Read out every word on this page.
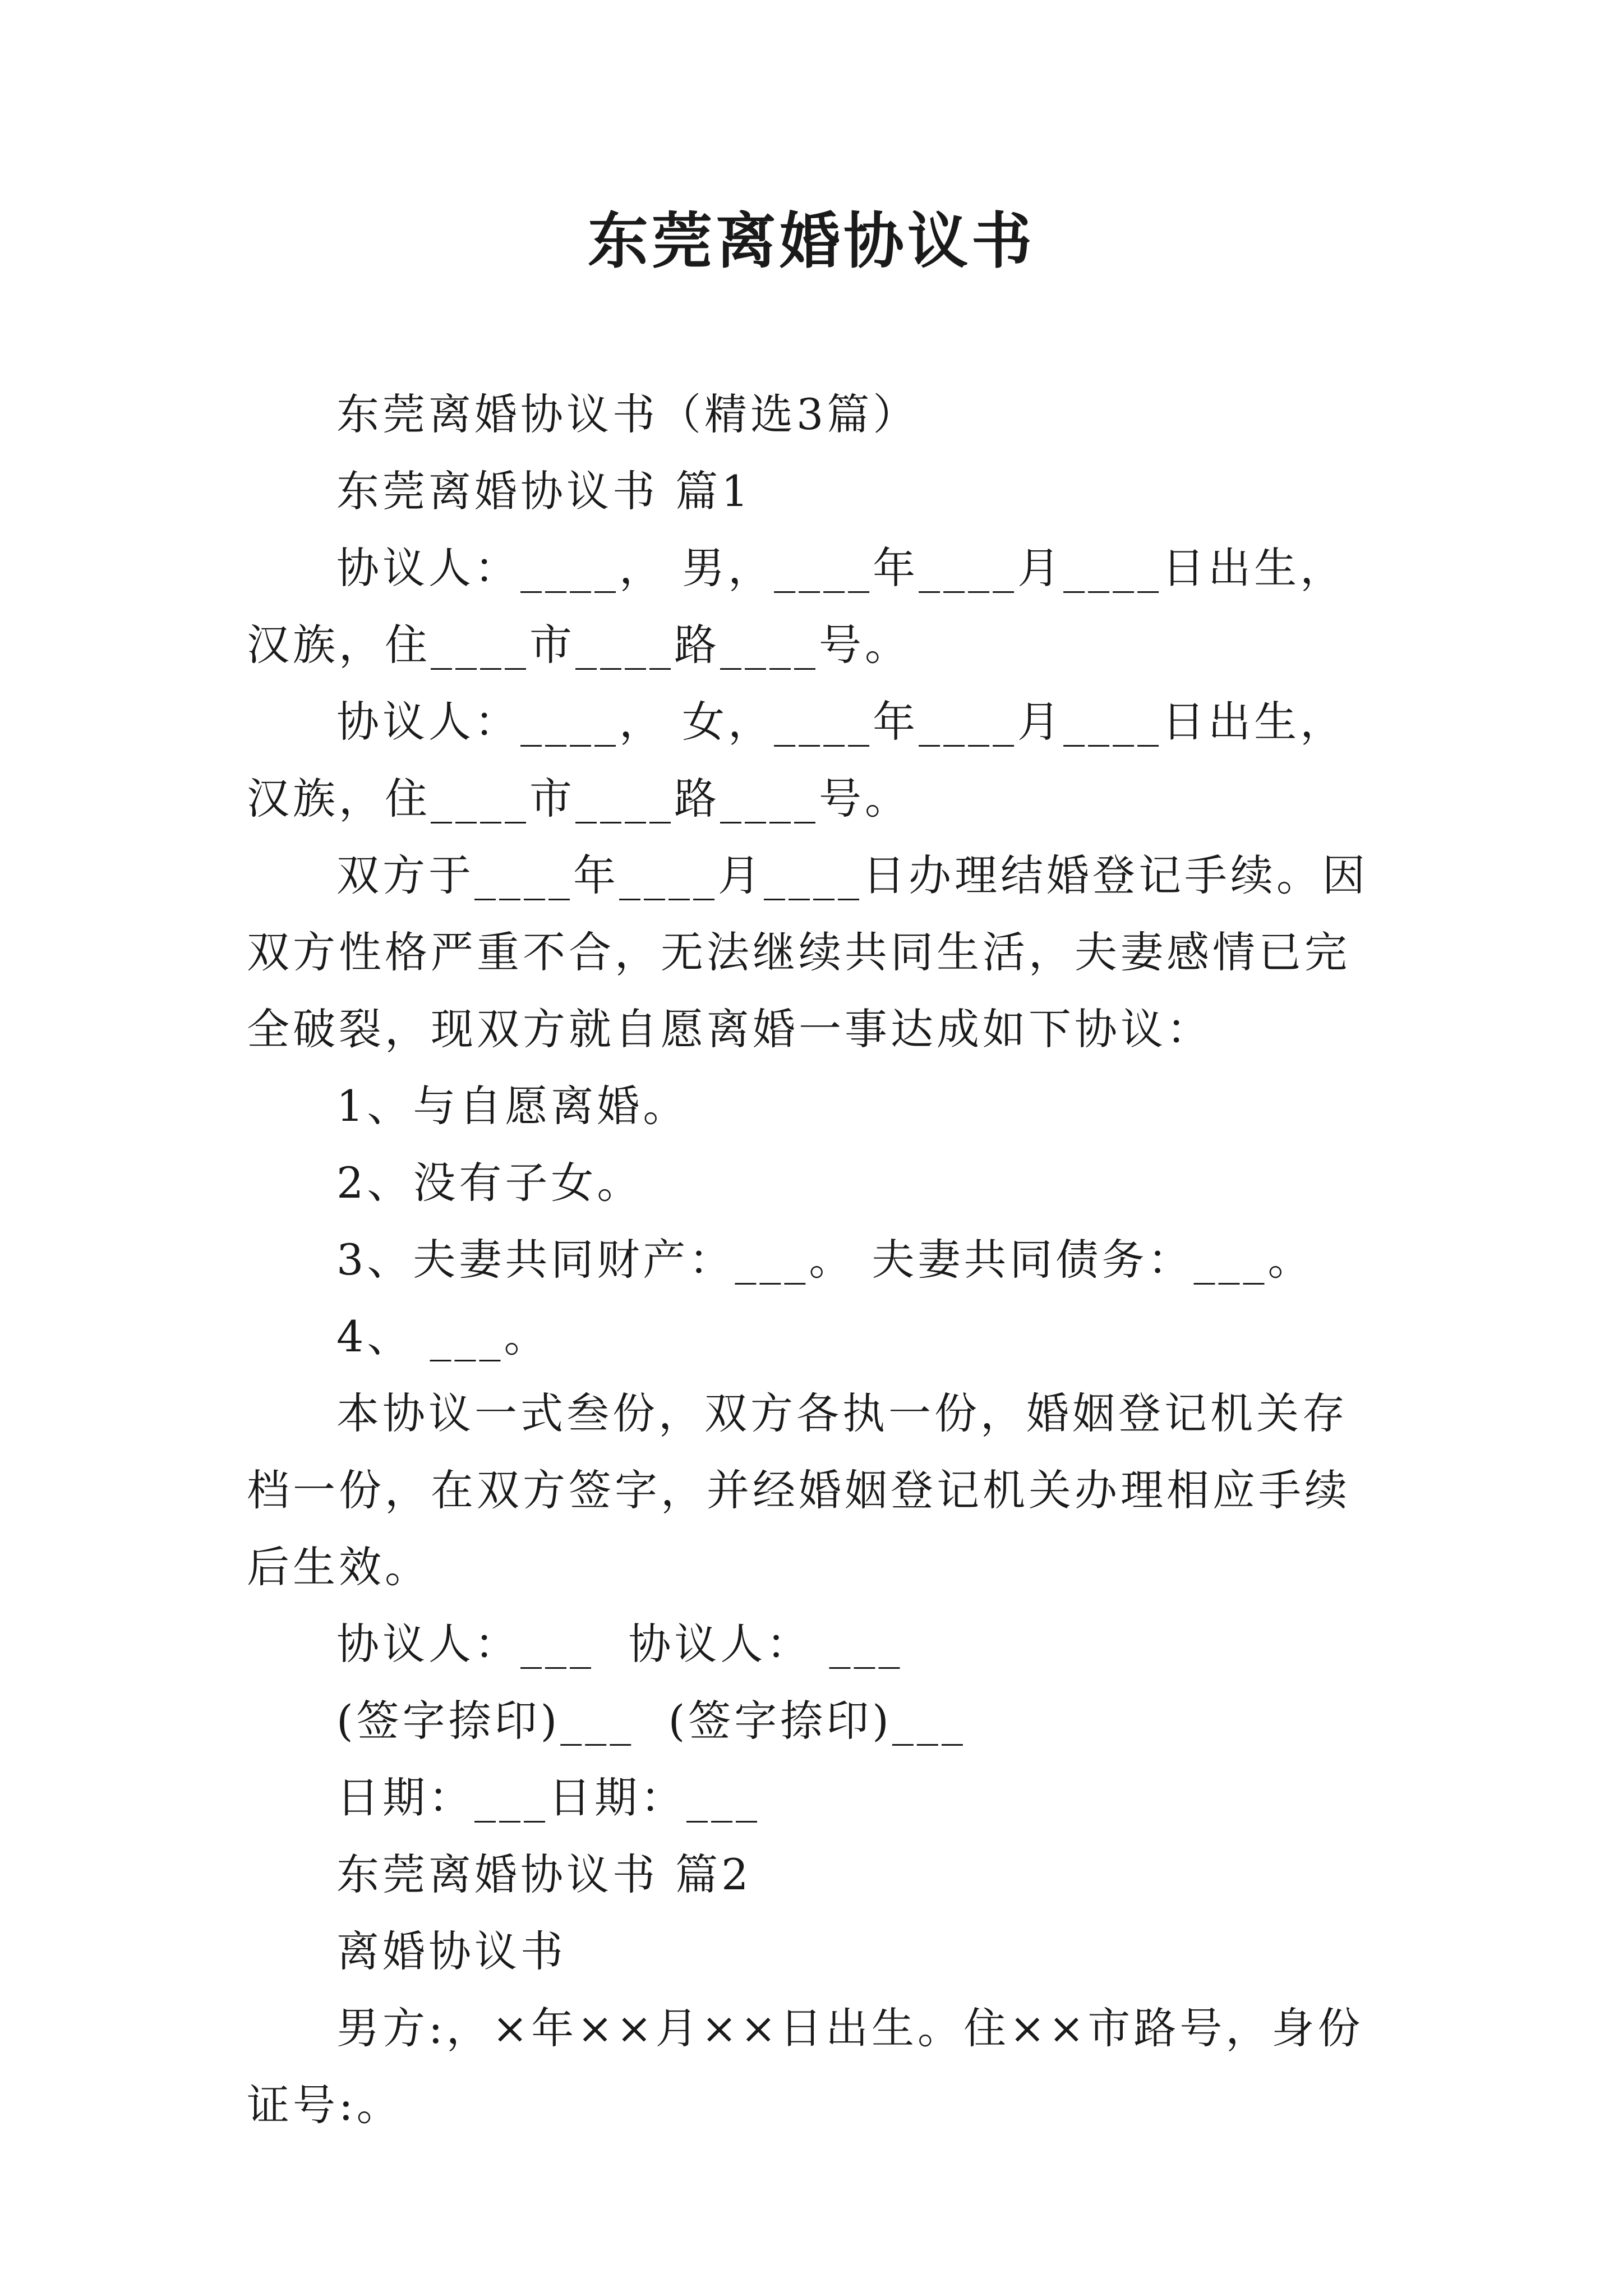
东莞离婚协议书

东莞离婚协议书（精选3篇）

东莞离婚协议书 篇1

协议人：____， 男，____年____月____日出生，汉族，住____市____路____号。

协议人：____， 女，____年____月____日出生，汉族，住____市____路____号。

双方于____年____月____日办理结婚登记手续。因双方性格严重不合，无法继续共同生活，夫妻感情已完全破裂，现双方就自愿离婚一事达成如下协议：

1、与自愿离婚。

2、没有子女。

3、夫妻共同财产：___。 夫妻共同债务：___。

4、 ___。

本协议一式叁份，双方各执一份，婚姻登记机关存档一份，在双方签字，并经婚姻登记机关办理相应手续后生效。

协议人：___  协议人： ___

(签字捺印)___  (签字捺印)___

日期：___日期：___

东莞离婚协议书 篇2

离婚协议书

男方:，×年××月××日出生。住××市路号，身份证号:。
